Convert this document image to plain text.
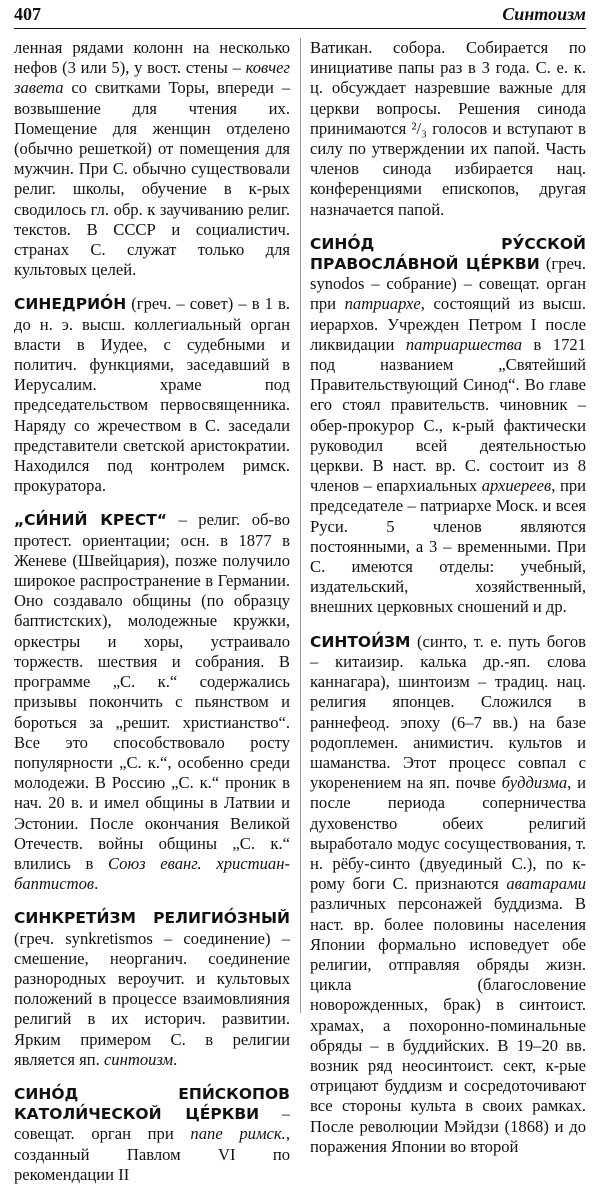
407	Синтоизм

ленная рядами колонн на несколько нефов (3 или 5), у вост. стены – ковчег завета со свитками Торы, впереди – возвышение для чтения их. Помещение для женщин отделено (обычно решеткой) от помещения для мужчин. При С. обычно существовали религ. школы, обучение в к-рых сводилось гл. обр. к заучиванию религ. текстов. В СССР и социалистич. странах С. служат только для культовых целей.

СИНЕДРИО́Н (греч. – совет) – в 1 в. до н. э. высш. коллегиальный орган власти в Иудее, с судебными и политич. функциями, заседавший в Иерусалим. храме под председательством первосвященника. Наряду со жречеством в С. заседали представители светской аристократии. Находился под контролем римск. прокуратора.

„СИ́НИЙ КРЕСТ“ – религ. об-во протест. ориентации; осн. в 1877 в Женеве (Швейцария), позже получило широкое распространение в Германии. Оно создавало общины (по образцу баптистских), молодежные кружки, оркестры и хоры, устраивало торжеств. шествия и собрания. В программе „С. к.“ содержались призывы покончить с пьянством и бороться за „решит. христианство“. Все это способствовало росту популярности „С. к.“, особенно среди молодежи. В Россию „С. к.“ проник в нач. 20 в. и имел общины в Латвии и Эстонии. После окончания Великой Отечеств. войны общины „С. к.“ влились в Союз еванг. христиан-баптистов.

СИНКРЕТИ́ЗМ РЕЛИГИО́ЗНЫЙ (греч. synkretismos – соединение) – смешение, неорганич. соединение разнородных вероучит. и культовых положений в процессе взаимовлияния религий в их историч. развитии. Ярким примером С. в религии является яп. синтоизм.

СИНО́Д ЕПИ́СКОПОВ КАТОЛИ́ЧЕСКОЙ ЦЕ́РКВИ – совещат. орган при папе римск., созданный Павлом VI по рекомендации II

Ватикан. собора. Собирается по инициативе папы раз в 3 года. С. е. к. ц. обсуждает назревшие важные для церкви вопросы. Решения синода принимаются ²/₃ голосов и вступают в силу по утверждении их папой. Часть членов синода избирается нац. конференциями епископов, другая назначается папой.

СИНО́Д РУ́ССКОЙ ПРАВОСЛА́ВНОЙ ЦЕ́РКВИ (греч. synodos – собрание) – совещат. орган при патриархе, состоящий из высш. иерархов. Учрежден Петром I после ликвидации патриаршества в 1721 под названием „Святейший Правительствующий Синод“. Во главе его стоял правительств. чиновник – обер-прокурор С., к-рый фактически руководил всей деятельностью церкви. В наст. вр. С. состоит из 8 членов – епархиальных архиереев, при председателе – патриархе Моск. и всея Руси. 5 членов являются постоянными, а 3 – временными. При С. имеются отделы: учебный, издательский, хозяйственный, внешних церковных сношений и др.

СИНТОИ́ЗМ (синто, т. е. путь богов – китаизир. калька др.-яп. слова каннагара), шинтоизм – традиц. нац. религия японцев. Сложился в раннефеод. эпоху (6–7 вв.) на базе родоплемен. анимистич. культов и шаманства. Этот процесс совпал с укоренением на яп. почве буддизма, и после периода соперничества духовенство обеих религий выработало модус сосуществования, т. н. рёбу-синто (двуединый С.), по к-рому боги С. признаются аватарами различных персонажей буддизма. В наст. вр. более половины населения Японии формально исповедует обе религии, отправляя обряды жизн. цикла (благословение новорожденных, брак) в синтоист. храмах, а похоронно-поминальные обряды – в буддийских. В 19–20 вв. возник ряд неосинтоист. сект, к-рые отрицают буддизм и сосредоточивают все стороны культа в своих рамках. После революции Мэйдзи (1868) и до поражения Японии во второй
